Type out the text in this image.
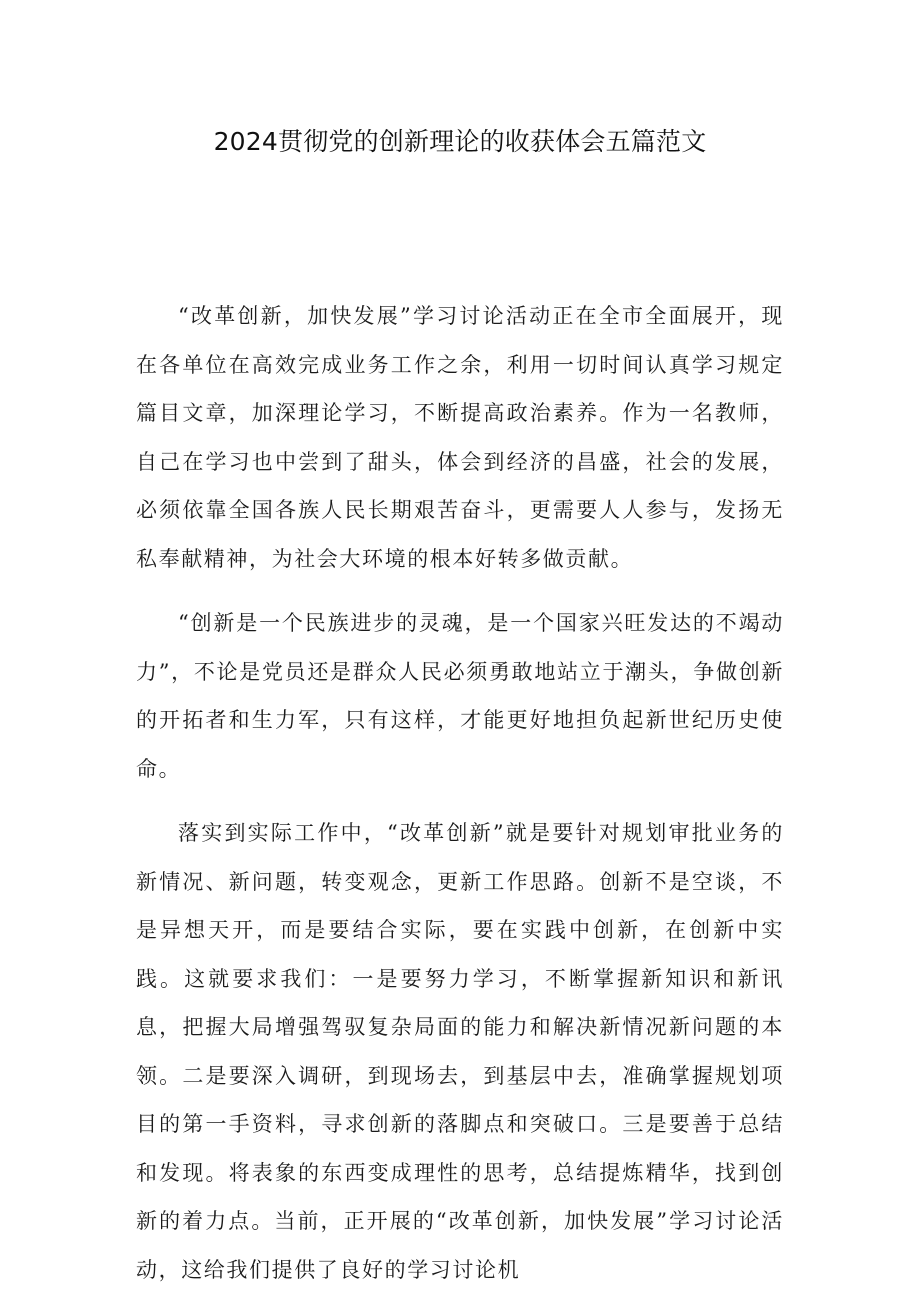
2024贯彻党的创新理论的收获体会五篇范文

“改革创新，加快发展”学习讨论活动正在全市全面展开，现在各单位在高效完成业务工作之余，利用一切时间认真学习规定篇目文章，加深理论学习，不断提高政治素养。作为一名教师，自己在学习也中尝到了甜头，体会到经济的昌盛，社会的发展，必须依靠全国各族人民长期艰苦奋斗，更需要人人参与，发扬无私奉献精神，为社会大环境的根本好转多做贡献。

“创新是一个民族进步的灵魂，是一个国家兴旺发达的不竭动力”，不论是党员还是群众人民必须勇敢地站立于潮头，争做创新的开拓者和生力军，只有这样，才能更好地担负起新世纪历史使命。

落实到实际工作中，“改革创新”就是要针对规划审批业务的新情况、新问题，转变观念，更新工作思路。创新不是空谈，不是异想天开，而是要结合实际，要在实践中创新，在创新中实践。这就要求我们：一是要努力学习，不断掌握新知识和新讯息，把握大局增强驾驭复杂局面的能力和解决新情况新问题的本领。二是要深入调研，到现场去，到基层中去，准确掌握规划项目的第一手资料，寻求创新的落脚点和突破口。三是要善于总结和发现。将表象的东西变成理性的思考，总结提炼精华，找到创新的着力点。当前，正开展的“改革创新，加快发展”学习讨论活动，这给我们提供了良好的学习讨论机
